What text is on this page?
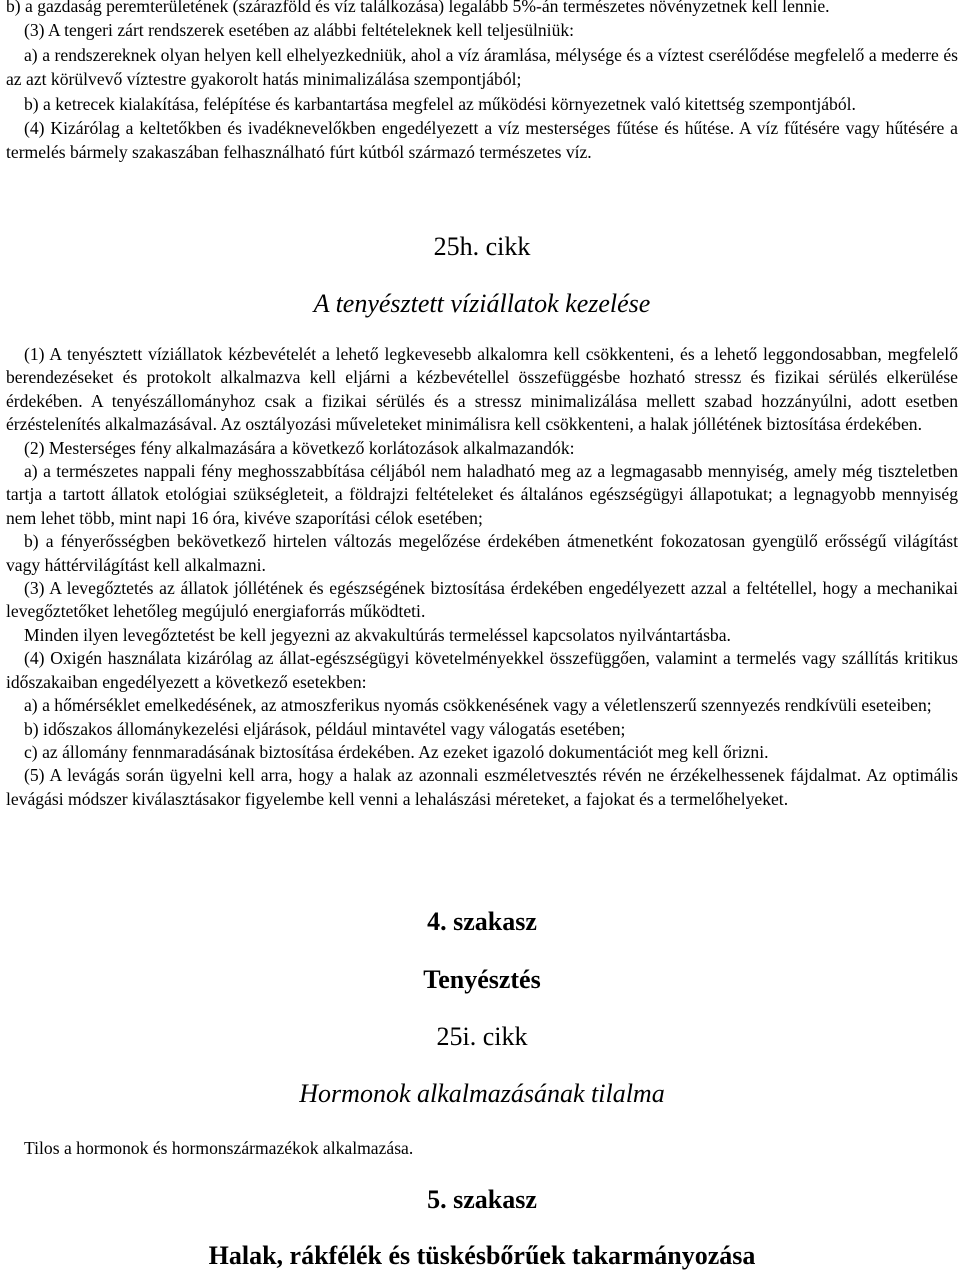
b) a gazdaság peremterületének (szárazföld és víz találkozása) legalább 5%-án természetes növényzetnek kell lennie.

(3) A tengeri zárt rendszerek esetében az alábbi feltételeknek kell teljesülniük:

a) a rendszereknek olyan helyen kell elhelyezkedniük, ahol a víz áramlása, mélysége és a víztest cserélődése megfelelő a mederre és az azt körülvevő víztestre gyakorolt hatás minimalizálása szempontjából;

b) a ketrecek kialakítása, felépítése és karbantartása megfelel az működési környezetnek való kitettség szempontjából.

(4) Kizárólag a keltetőkben és ivadéknevelőkben engedélyezett a víz mesterséges fűtése és hűtése. A víz fűtésére vagy hűtésére a termelés bármely szakaszában felhasználható fúrt kútból származó természetes víz.

25h. cikk

A tenyésztett víziállatok kezelése

(1) A tenyésztett víziállatok kézbevételét a lehető legkevesebb alkalomra kell csökkenteni, és a lehető leggondosabban, megfelelő berendezéseket és protokolt alkalmazva kell eljárni a kézbevétellel összefüggésbe hozható stressz és fizikai sérülés elkerülése érdekében. A tenyészállományhoz csak a fizikai sérülés és a stressz minimalizálása mellett szabad hozzányúlni, adott esetben érzéstelenítés alkalmazásával. Az osztályozási műveleteket minimálisra kell csökkenteni, a halak jóllétének biztosítása érdekében.

(2) Mesterséges fény alkalmazására a következő korlátozások alkalmazandók:

a) a természetes nappali fény meghosszabbítása céljából nem haladható meg az a legmagasabb mennyiség, amely még tiszteletben tartja a tartott állatok etológiai szükségleteit, a földrajzi feltételeket és általános egészségügyi állapotukat; a legnagyobb mennyiség nem lehet több, mint napi 16 óra, kivéve szaporítási célok esetében;

b) a fényerősségben bekövetkező hirtelen változás megelőzése érdekében átmenetként fokozatosan gyengülő erősségű világítást vagy háttérvilágítást kell alkalmazni.

(3) A levegőztetés az állatok jóllétének és egészségének biztosítása érdekében engedélyezett azzal a feltétellel, hogy a mechanikai levegőztetőket lehetőleg megújuló energiaforrás működteti.

Minden ilyen levegőztetést be kell jegyezni az akvakultúrás termeléssel kapcsolatos nyilvántartásba.

(4) Oxigén használata kizárólag az állat-egészségügyi követelményekkel összefüggően, valamint a termelés vagy szállítás kritikus időszakaiban engedélyezett a következő esetekben:

a) a hőmérséklet emelkedésének, az atmoszferikus nyomás csökkenésének vagy a véletlenszerű szennyezés rendkívüli eseteiben;

b) időszakos állománykezelési eljárások, például mintavétel vagy válogatás esetében;

c) az állomány fennmaradásának biztosítása érdekében. Az ezeket igazoló dokumentációt meg kell őrizni.

(5) A levágás során ügyelni kell arra, hogy a halak az azonnali eszméletvesztés révén ne érzékelhessenek fájdalmat. Az optimális levágási módszer kiválasztásakor figyelembe kell venni a lehalászási méreteket, a fajokat és a termelőhelyeket.

4. szakasz

Tenyésztés

25i. cikk

Hormonok alkalmazásának tilalma

Tilos a hormonok és hormonszármazékok alkalmazása.

5. szakasz

Halak, rákfélék és tüskésbőrűek takarmányozása
